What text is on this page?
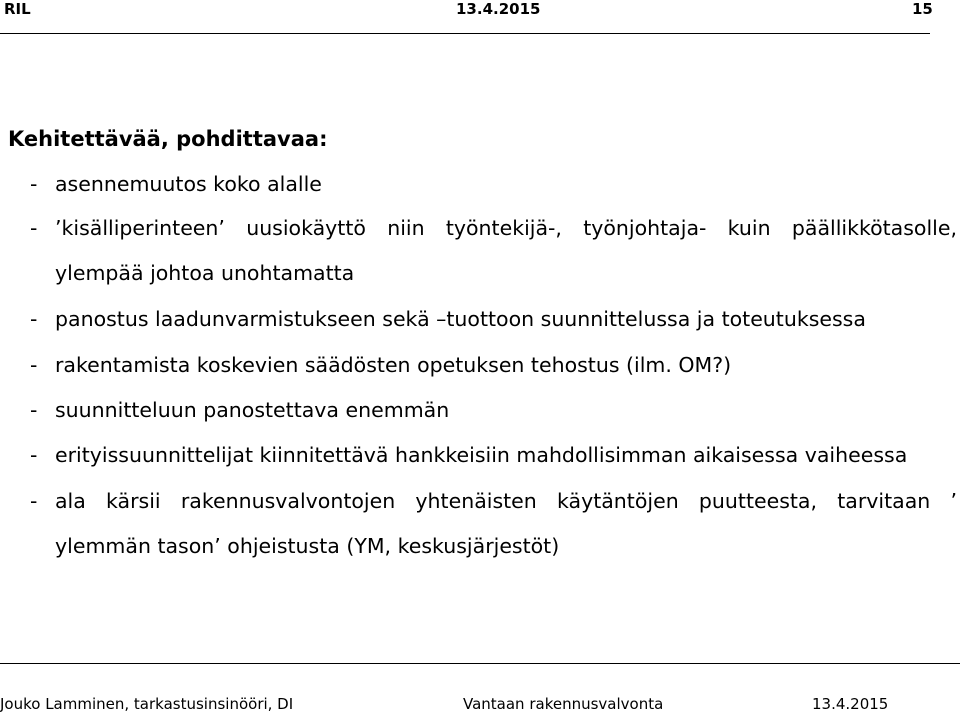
RIL	13.4.2015	15
Kehitettävää, pohdittavaa:
- asennemuutos koko alalle
- ’kisälliperinteen’ uusiokäyttö niin työntekijä-, työnjohtaja- kuin päällikkötasolle,
ylempää johtoa unohtamatta
- panostus laadunvarmistukseen sekä –tuottoon suunnittelussa ja toteutuksessa
- rakentamista koskevien säädösten opetuksen tehostus (ilm. OM?)
- suunnitteluun panostettava enemmän
- erityissuunnittelijat kiinnitettävä hankkeisiin mahdollisimman aikaisessa vaiheessa
- ala kärsii rakennusvalvontojen yhtenäisten käytäntöjen puutteesta, tarvitaan ’
ylemmän tason’ ohjeistusta (YM, keskusjärjestöt)
Jouko Lamminen, tarkastusinsinööri, DI	Vantaan rakennusvalvonta	13.4.2015
